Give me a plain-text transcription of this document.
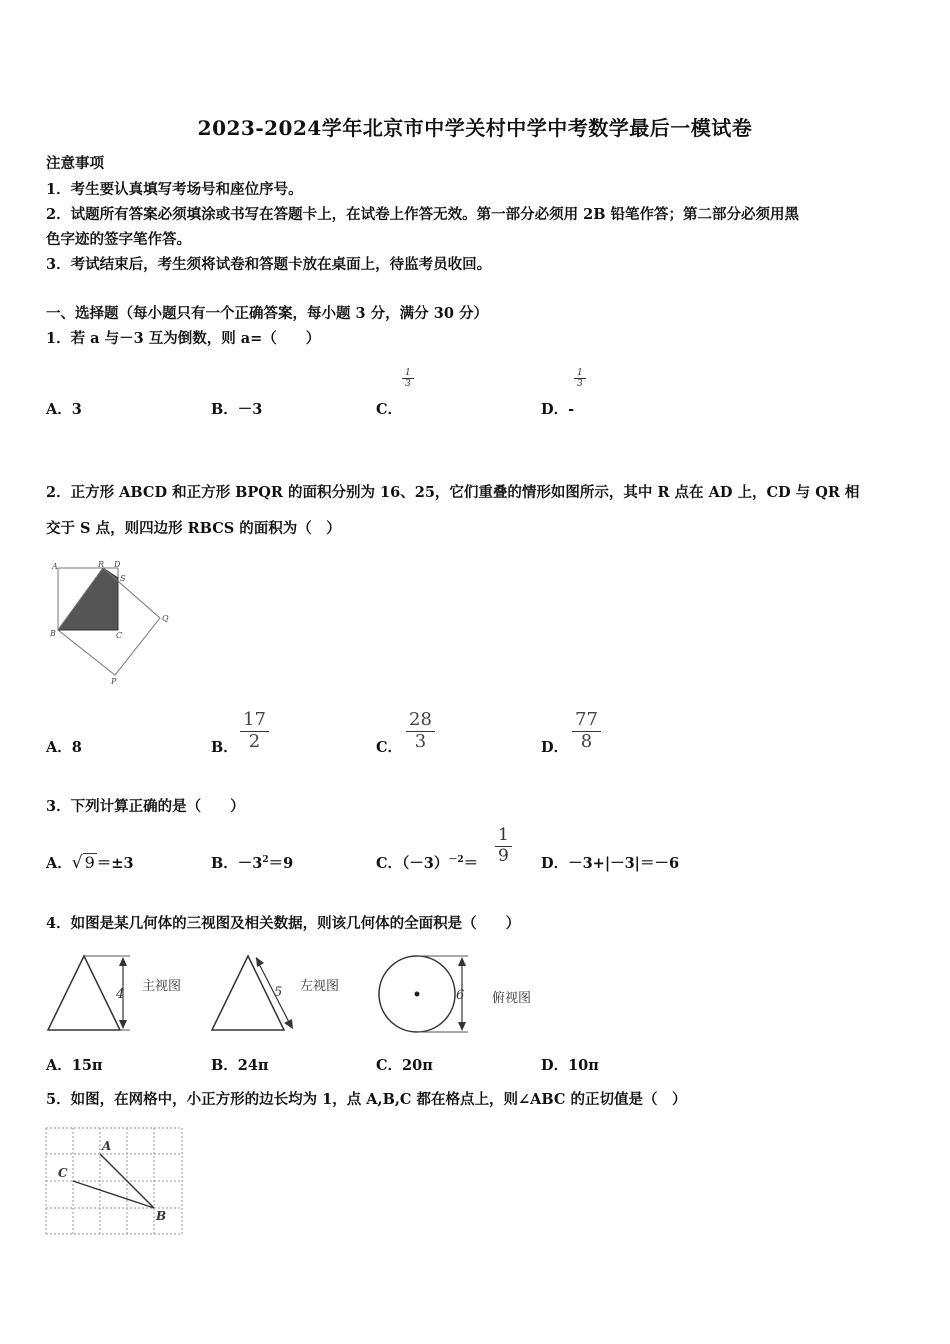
2023-2024学年北京市中学关村中学中考数学最后一模试卷
注意事项
1．考生要认真填写考场号和座位序号。
2．试题所有答案必须填涂或书写在答题卡上，在试卷上作答无效。第一部分必须用 2B 铅笔作答；第二部分必须用黑
色字迹的签字笔作答。
3．考试结束后，考生须将试卷和答题卡放在桌面上，待监考员收回。
一、选择题（每小题只有一个正确答案，每小题 3 分，满分 30 分）
1．若 a 与－3 互为倒数，则 a=（　　）
A．3	B．－3	C．
$\frac{1}{3}$
D．-
$\frac{1}{3}$
2．正方形 ABCD 和正方形 BPQR 的面积分别为 16、25，它们重叠的情形如图所示，其中 R 点在 AD 上，CD 与 QR 相
交于 S 点，则四边形 RBCS 的面积为（　）
A	R D
S
Q
B	C
P
A．8	B． $\frac{17}{2}$	C． $\frac{28}{3}$	D． $\frac{77}{8}$
3．下列计算正确的是（　　）
A． √ 9 ＝±3	B．$-3^2=9$	C．$(-3)^{-2}= \frac{1}{9}$ D．－3+|－3|＝－6
4．如图是某几何体的三视图及相关数据，则该几何体的全面积是（　　）
4
主视图	5 左视图
6 俯视图
A．15π	B．24π	C．20π	D．10π
5．如图，在网格中，小正方形的边长均为 1，点 A,B,C 都在格点上，则∠ABC 的正切值是（　）
A
C
B
